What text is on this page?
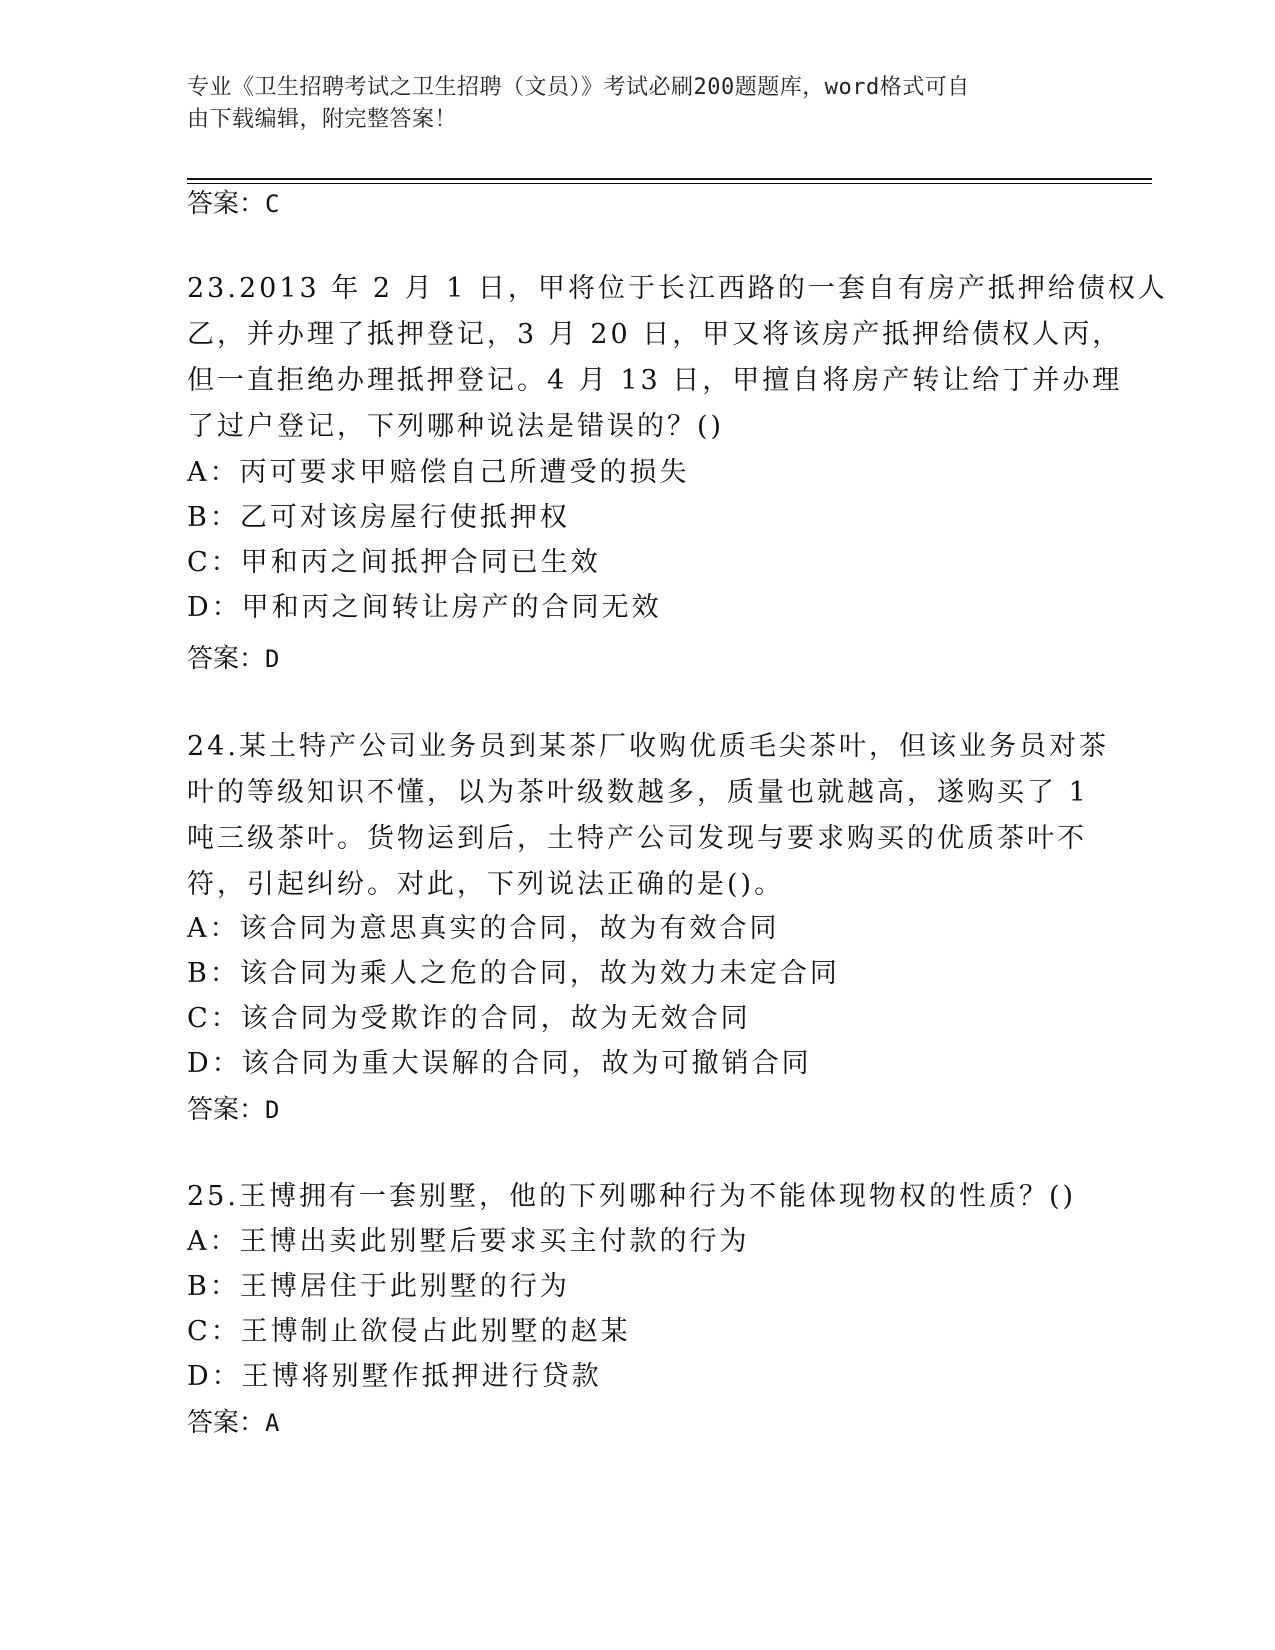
专业《卫生招聘考试之卫生招聘（文员）》考试必刷200题题库，word格式可自
由下载编辑，附完整答案！
答案：C
23.2013 年 2 月 1 日，甲将位于长江西路的一套自有房产抵押给债权人
乙，并办理了抵押登记，3 月 20 日，甲又将该房产抵押给债权人丙，
但一直拒绝办理抵押登记。4 月 13 日，甲擅自将房产转让给丁并办理
了过户登记，下列哪种说法是错误的？()
A：丙可要求甲赔偿自己所遭受的损失
B：乙可对该房屋行使抵押权
C：甲和丙之间抵押合同已生效
D：甲和丙之间转让房产的合同无效
答案：D
24.某土特产公司业务员到某茶厂收购优质毛尖茶叶，但该业务员对茶
叶的等级知识不懂，以为茶叶级数越多，质量也就越高，遂购买了 1
吨三级茶叶。货物运到后，土特产公司发现与要求购买的优质茶叶不
符，引起纠纷。对此，下列说法正确的是()。
A：该合同为意思真实的合同，故为有效合同
B：该合同为乘人之危的合同，故为效力未定合同
C：该合同为受欺诈的合同，故为无效合同
D：该合同为重大误解的合同，故为可撤销合同
答案：D
25.王博拥有一套别墅，他的下列哪种行为不能体现物权的性质？()
A：王博出卖此别墅后要求买主付款的行为
B：王博居住于此别墅的行为
C：王博制止欲侵占此别墅的赵某
D：王博将别墅作抵押进行贷款
答案：A
